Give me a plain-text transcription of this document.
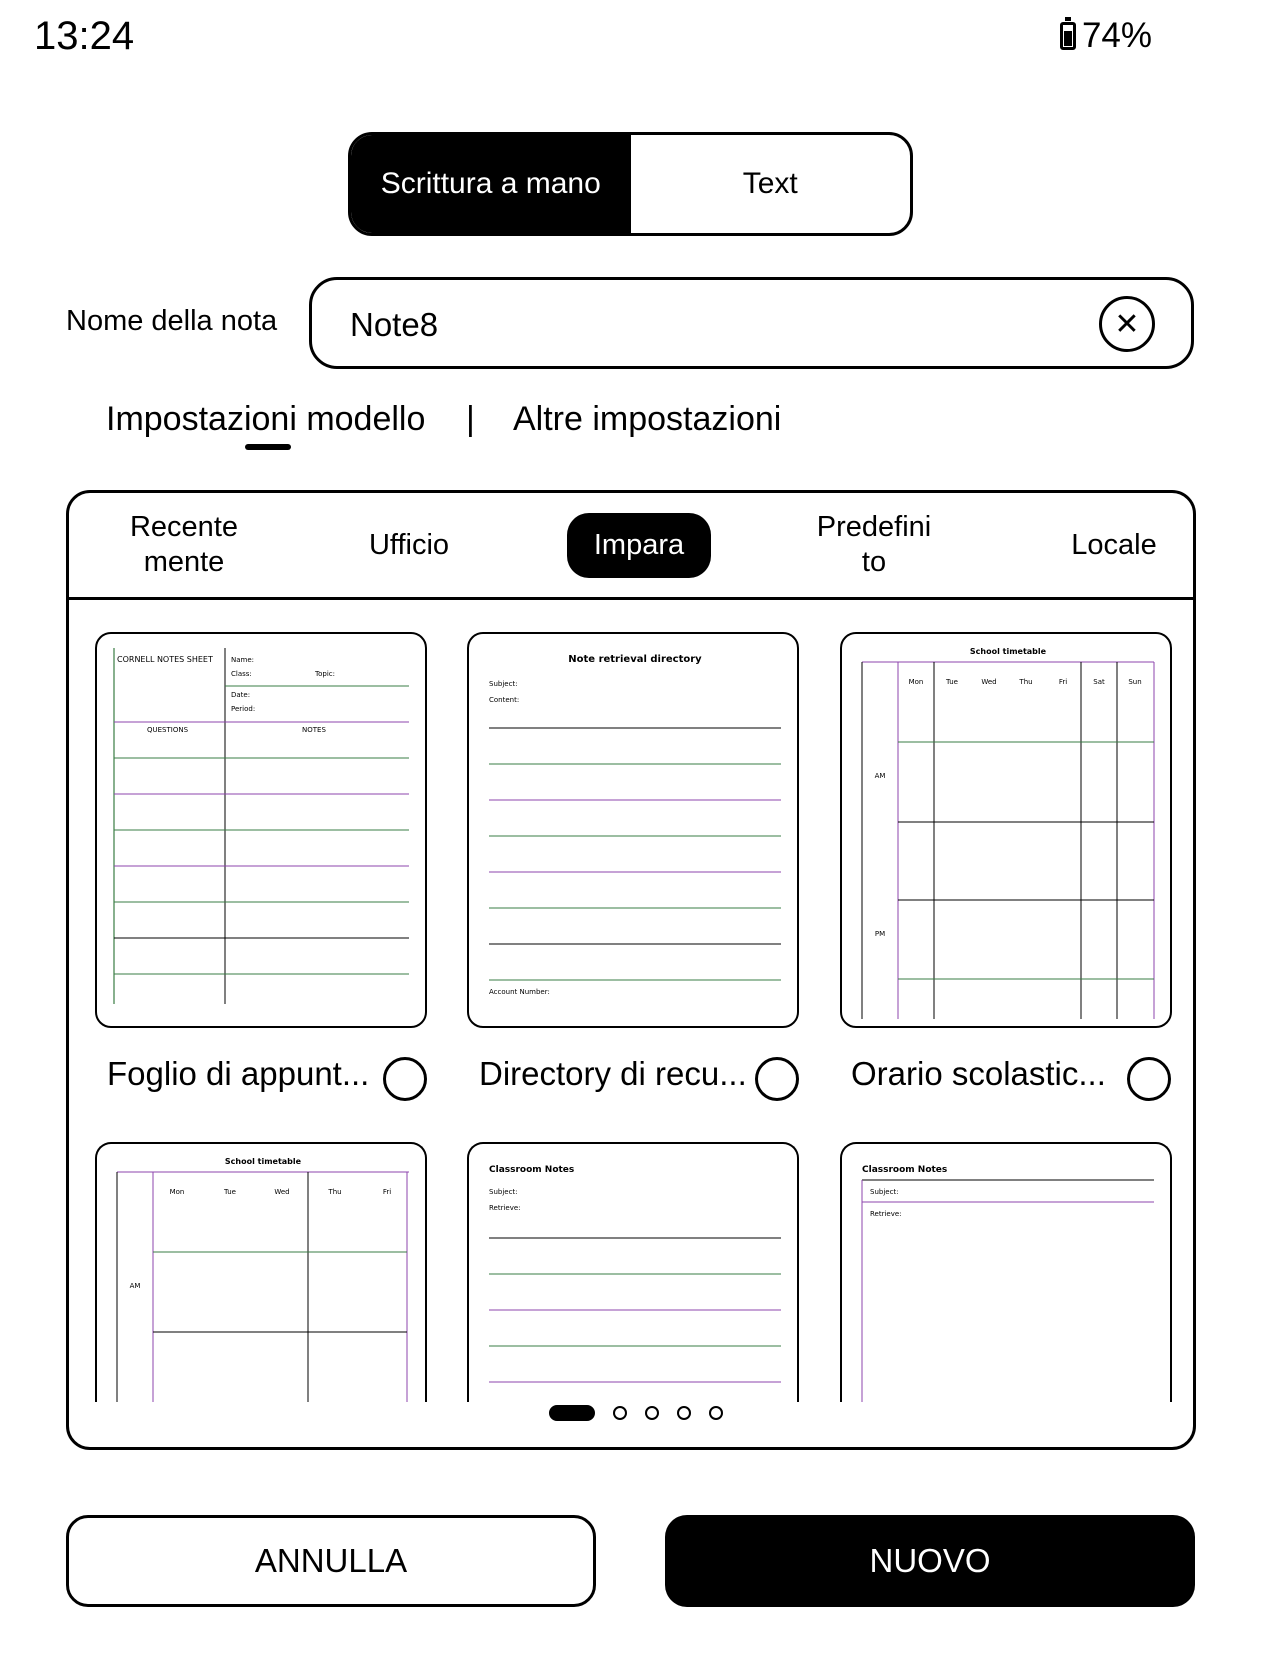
13:24	74%
Scrittura a mano	Text
Nome della nota Note8	✕
Impostazioni modello | Altre impostazioni
Recente
mente
Ufficio	Impara
Predefini
to
Locale
CORNELL NOTES SHEET	Name:
Class:	Topic:
Date:
Period:
QUESTIONS	NOTES
Foglio di appunt...
Note retrieval directory
Subject:
Content:
Account Number:
Directory di recu...
School timetable
Mon	Tue	Wed	Thu	Fri	Sat	Sun
AM
PM
Orario scolastic...
School timetable
Mon	Tue	Wed	Thu	Fri
AM
Classroom Notes
Subject:
Retrieve:
Classroom Notes
Subject:
Retrieve:
ANNULLA	NUOVO
